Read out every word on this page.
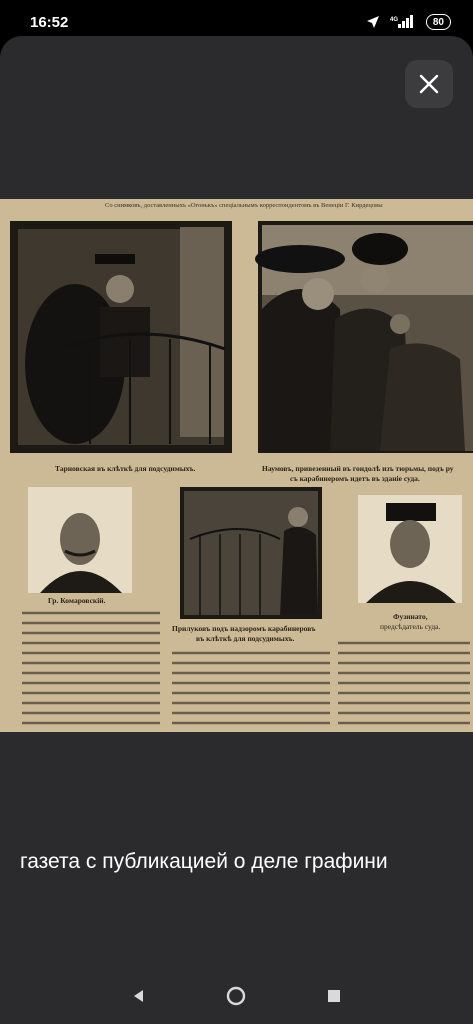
16:52	4G	80
Со снимковъ, доставленныхъ «Огонькъ» спеціальнымъ корреспондентомъ въ Венеціи Г. Кирдецовы
Тарновская въ клѣткѣ для подсудимыхъ.	Наумовъ, привезенный въ гондолѣ изъ тюрьмы, подъ ру
съ карабинеромъ идетъ въ зданіе суда.
Гр. Комаровскій.
Прилуковъ подъ надзоромъ карабинеровъ
въ клѣткѣ для подсудимыхъ.
Фузинато,
предсѣдатель суда.
газета с публикацией о деле графини
